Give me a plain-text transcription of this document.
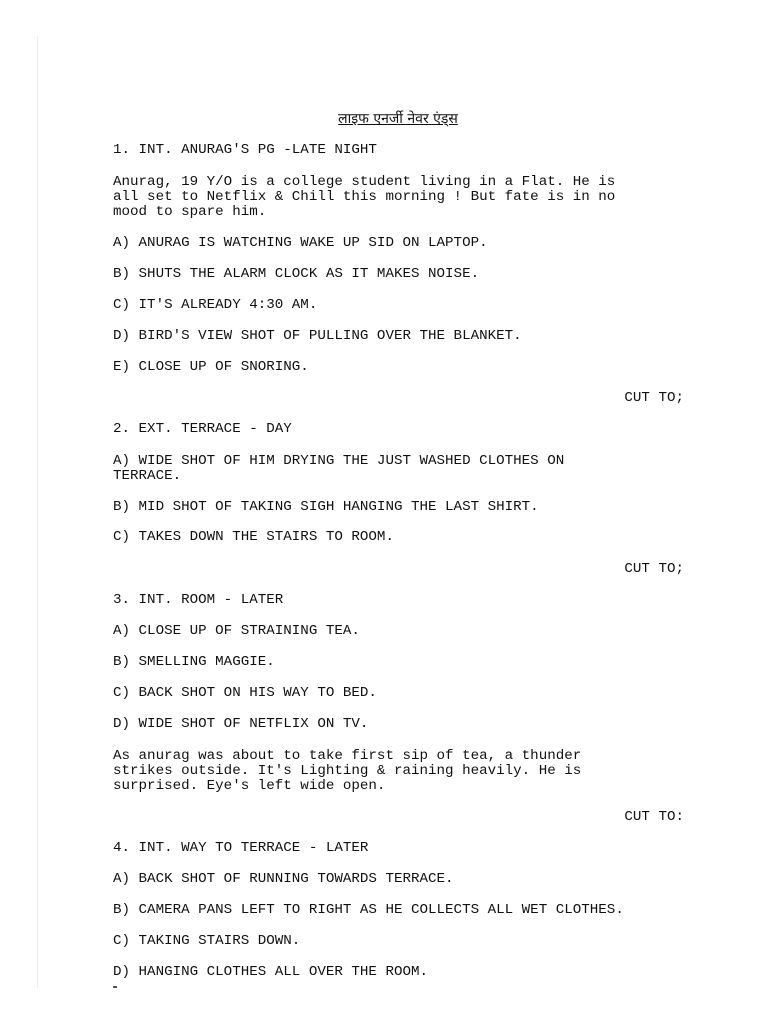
लाइफ एनर्जी नेवर एंड्स
1. INT. ANURAG'S PG -LATE NIGHT
Anurag, 19 Y/O is a college student living in a Flat. He is
all set to Netflix & Chill this morning ! But fate is in no
mood to spare him.
A) ANURAG IS WATCHING WAKE UP SID ON LAPTOP.
B) SHUTS THE ALARM CLOCK AS IT MAKES NOISE.
C) IT'S ALREADY 4:30 AM.
D) BIRD'S VIEW SHOT OF PULLING OVER THE BLANKET.
E) CLOSE UP OF SNORING.
CUT TO;
2. EXT. TERRACE - DAY
A) WIDE SHOT OF HIM DRYING THE JUST WASHED CLOTHES ON
TERRACE.
B) MID SHOT OF TAKING SIGH HANGING THE LAST SHIRT.
C) TAKES DOWN THE STAIRS TO ROOM.
CUT TO;
3. INT. ROOM - LATER
A) CLOSE UP OF STRAINING TEA.
B) SMELLING MAGGIE.
C) BACK SHOT ON HIS WAY TO BED.
D) WIDE SHOT OF NETFLIX ON TV.
As anurag was about to take first sip of tea, a thunder
strikes outside. It's Lighting & raining heavily. He is
surprised. Eye's left wide open.
CUT TO:
4. INT. WAY TO TERRACE - LATER
A) BACK SHOT OF RUNNING TOWARDS TERRACE.
B) CAMERA PANS LEFT TO RIGHT AS HE COLLECTS ALL WET CLOTHES.
C) TAKING STAIRS DOWN.
D) HANGING CLOTHES ALL OVER THE ROOM.
